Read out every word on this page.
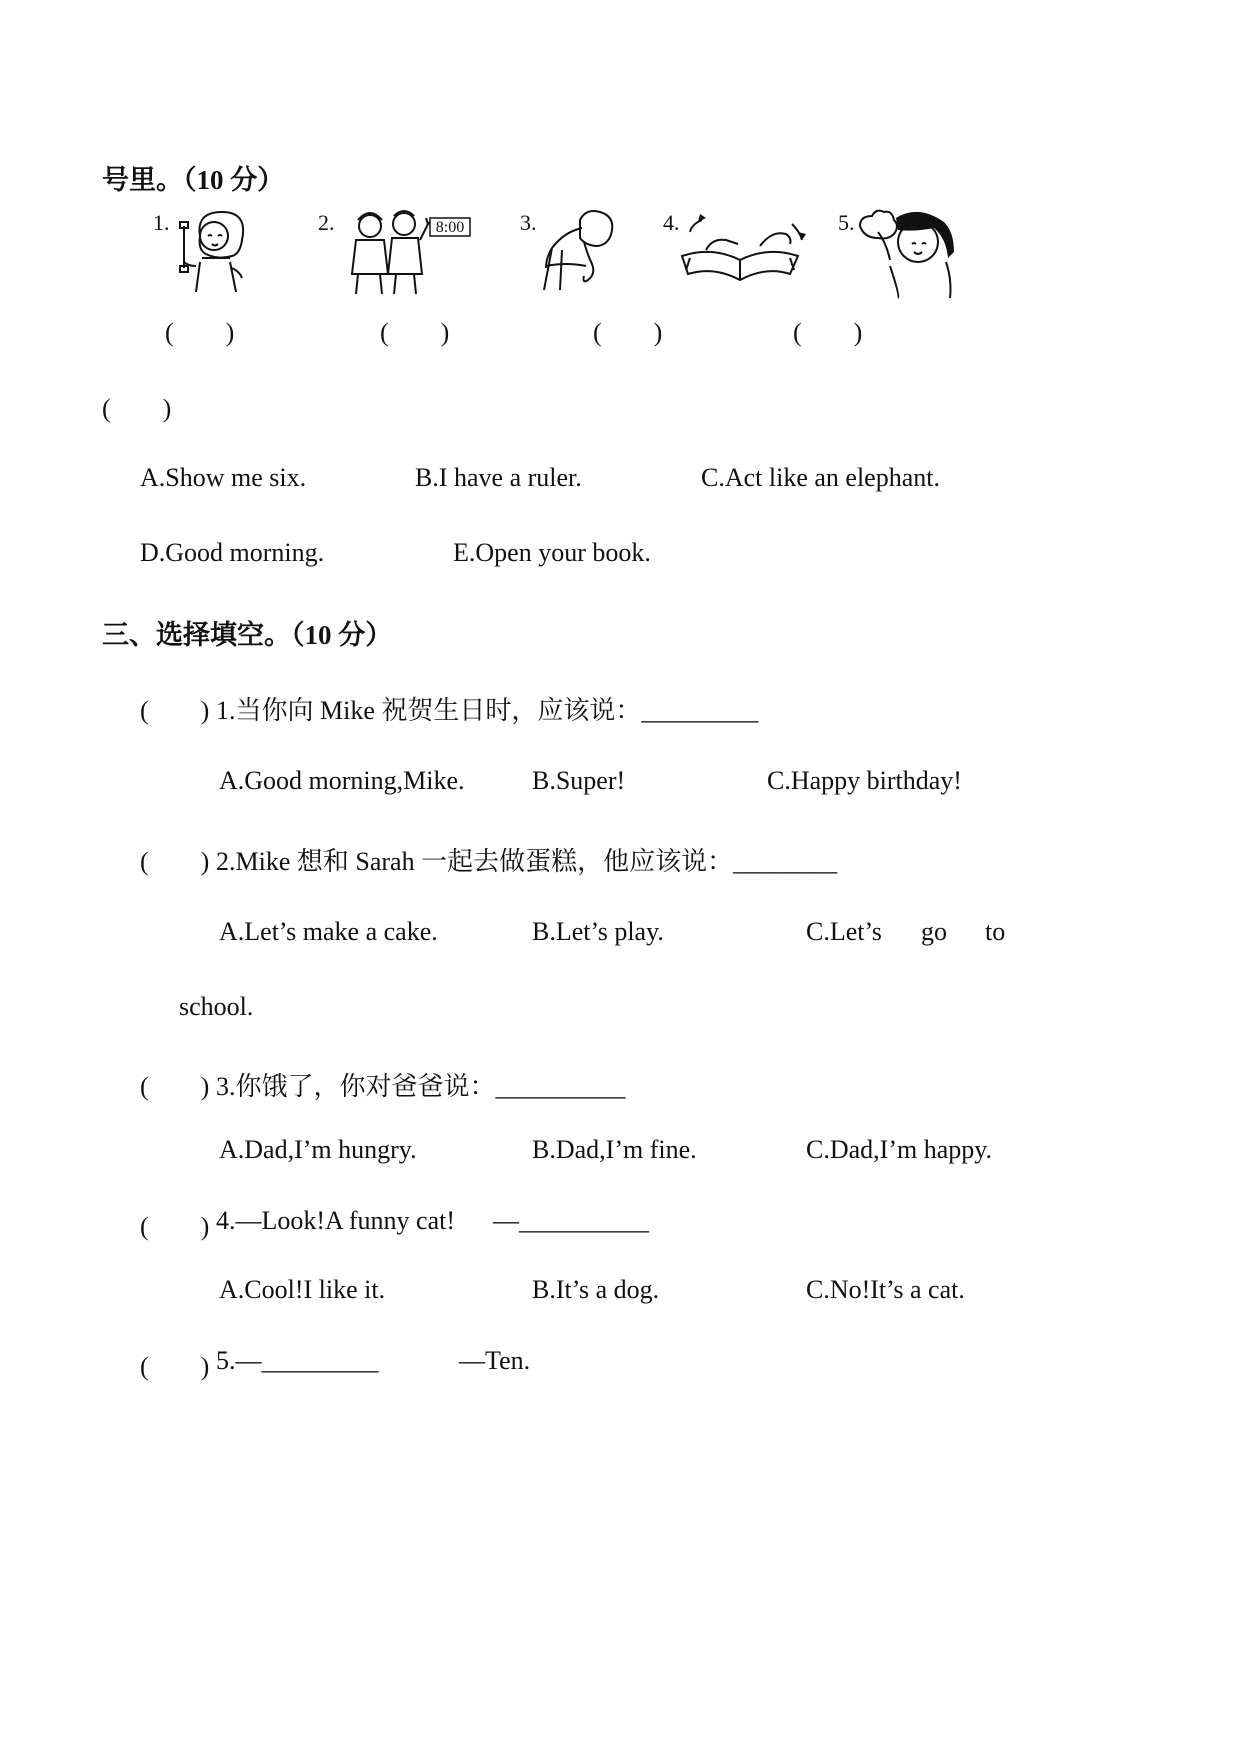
号里。（10 分）
1.	2.	3.	4.	5.
8:00
(　　)	(　　)	(　　)	(　　)
(　　)
A.Show me six.	B.I have a ruler.	C.Act like an elephant.
D.Good morning.	E.Open your book.
三、选择填空。（10 分）
(　　) 1.当你向 Mike 祝贺生日时，应该说：_________
A.Good morning,Mike.	B.Super!	C.Happy birthday!
(　　) 2.Mike 想和 Sarah 一起去做蛋糕，他应该说：________
A.Let’s make a cake.	B.Let’s play.	C.Let’s go to
school.
(　　) 3.你饿了，你对爸爸说：__________
A.Dad,I’m hungry.	B.Dad,I’m fine.	C.Dad,I’m happy.
(　　) 4.—Look!A funny cat! —__________
A.Cool!I like it.	B.It’s a dog.	C.No!It’s a cat.
(　　) 5.—_________	—Ten.
